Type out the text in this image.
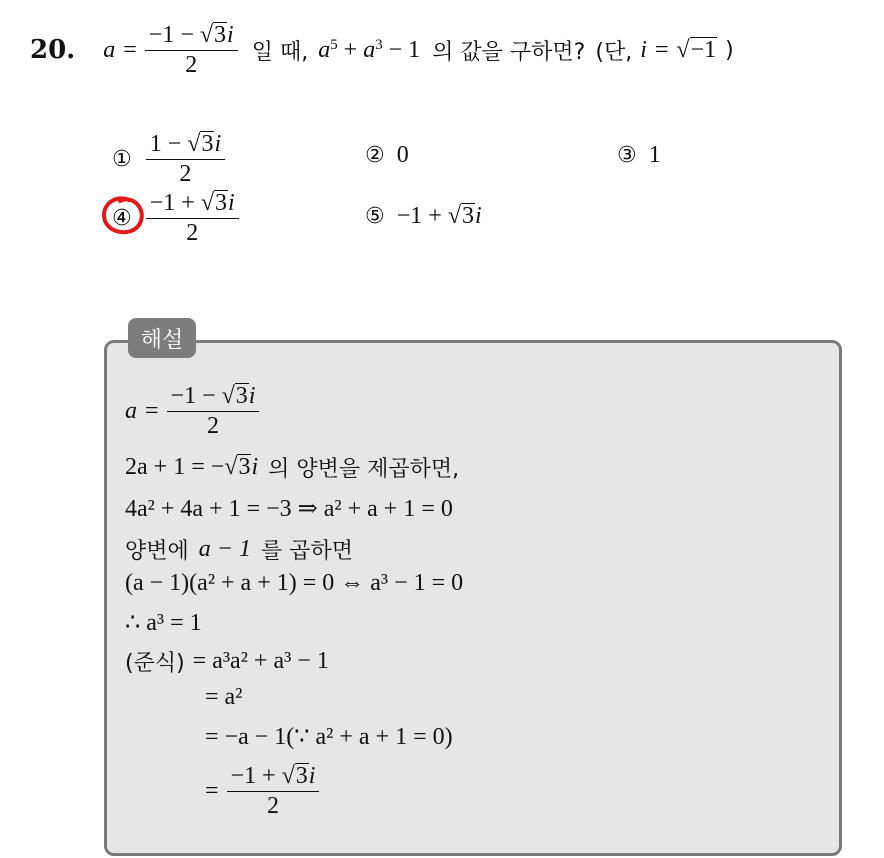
20. $a = \frac{-1 - √3i}{2}$ 일 때, $a^5 + a^3 - 1$ 의 값을 구하면? (단, i = √−1 )
① $\frac{1 - √3i}{2}$	② 0	③ 1
④ $\frac{-1 + √3i}{2}$	⑤ −1 + √3i
해설
$a = \frac{-1 - √3i}{2}$
2a + 1 = − √3 i 의 양변을 제곱하면,
4a² + 4a + 1 = −3 ⇒ a² + a + 1 = 0
양변에 a − 1 를 곱하면
(a − 1)(a² + a + 1) = 0 ⇔ a³ − 1 = 0
∴ a³ = 1
(준식) = a³a² + a³ − 1
= a²
= −a − 1(∵ a² + a + 1 = 0)
= $\frac{-1 + √3i}{2}$
